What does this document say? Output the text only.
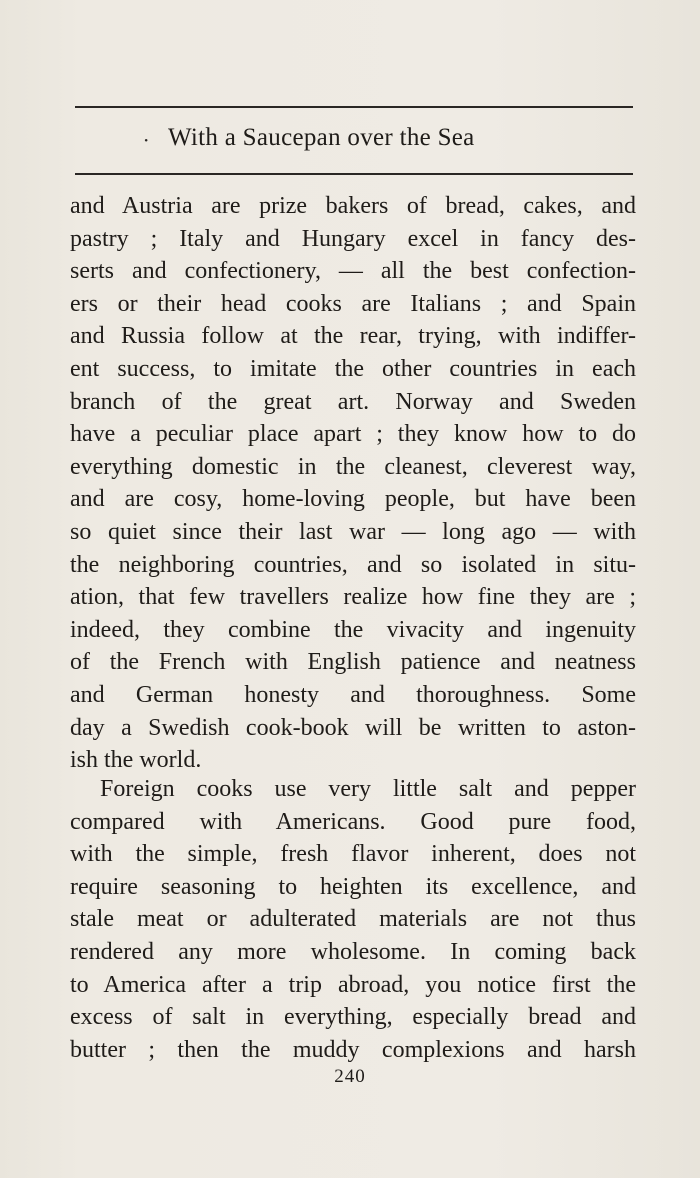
· With a Saucepan over the Sea
and Austria are prize bakers of bread, cakes, and
pastry ; Italy and Hungary excel in fancy des-
serts and confectionery, — all the best confection-
ers or their head cooks are Italians ; and Spain
and Russia follow at the rear, trying, with indiffer-
ent success, to imitate the other countries in each
branch of the great art. Norway and Sweden
have a peculiar place apart ; they know how to do
everything domestic in the cleanest, cleverest way,
and are cosy, home-loving people, but have been
so quiet since their last war — long ago — with
the neighboring countries, and so isolated in situ-
ation, that few travellers realize how fine they are ;
indeed, they combine the vivacity and ingenuity
of the French with English patience and neatness
and German honesty and thoroughness. Some
day a Swedish cook-book will be written to aston-
ish the world.
Foreign cooks use very little salt and pepper
compared with Americans. Good pure food,
with the simple, fresh flavor inherent, does not
require seasoning to heighten its excellence, and
stale meat or adulterated materials are not thus
rendered any more wholesome. In coming back
to America after a trip abroad, you notice first the
excess of salt in everything, especially bread and
butter ; then the muddy complexions and harsh
240
